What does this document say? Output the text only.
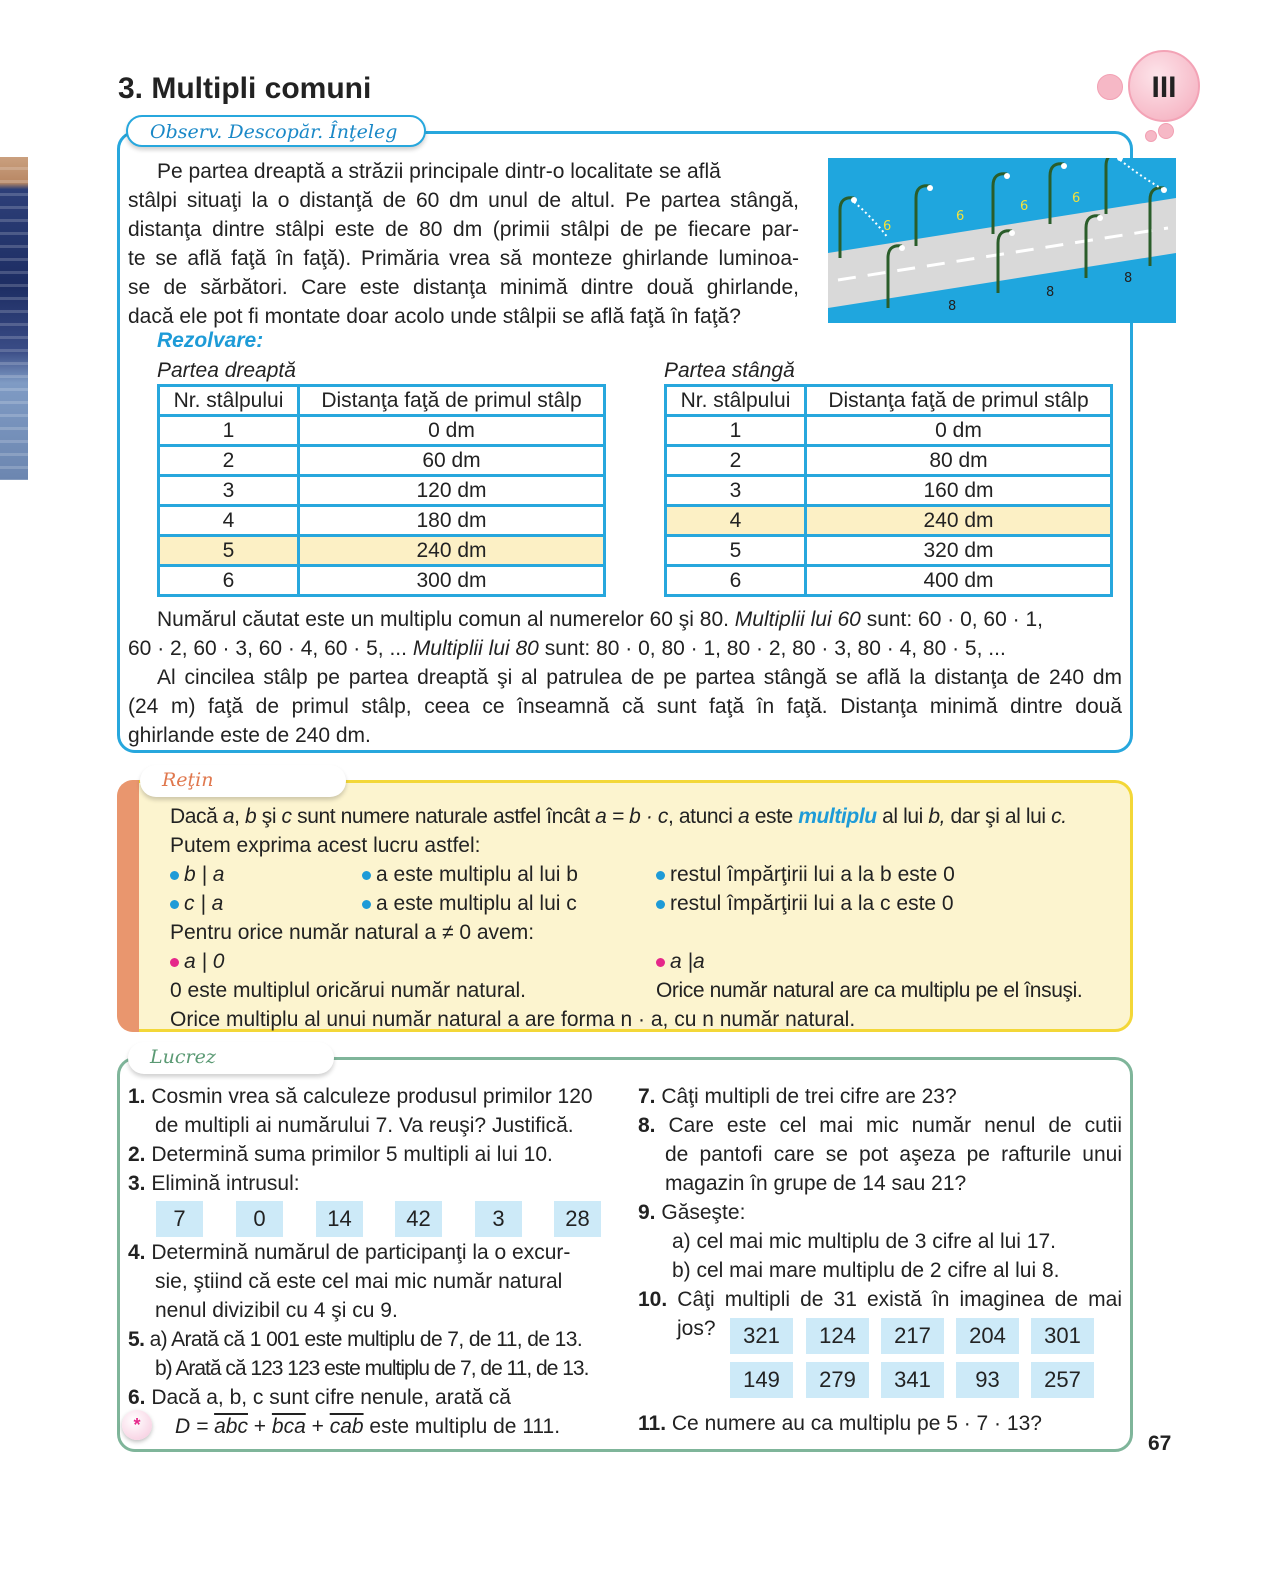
3. Multipli comuni	III
Observ. Descopăr. Înţeleg
Pe partea dreaptă a străzii principale dintr-o localitate se află
stâlpi situaţi la o distanţă de 60 dm unul de altul. Pe partea stângă,
distanţa dintre stâlpi este de 80 dm (primii stâlpi de pe fiecare par-
te se află faţă în faţă). Primăria vrea să monteze ghirlande luminoa-
se de sărbători. Care este distanţa minimă dintre două ghirlande,
dacă ele pot fi montate doar acolo unde stâlpii se află faţă în faţă?
6
6
6
6
8
8
8
Rezolvare:
Partea dreaptă	Partea stângă
Nr. stâlpului	Distanţa faţă de primul stâlp
1	0 dm
2	60 dm
3	120 dm
4	180 dm
5	240 dm
6	300 dm
Nr. stâlpului	Distanţa faţă de primul stâlp
1	0 dm
2	80 dm
3	160 dm
4	240 dm
5	320 dm
6	400 dm
Numărul căutat este un multiplu comun al numerelor 60 şi 80. Multiplii lui 60 sunt: 60 · 0, 60 · 1,
60 · 2, 60 · 3, 60 · 4, 60 · 5, ... Multiplii lui 80 sunt: 80 · 0, 80 · 1, 80 · 2, 80 · 3, 80 · 4, 80 · 5, ...
Al cincilea stâlp pe partea dreaptă şi al patrulea de pe partea stângă se află la distanţa de 240 dm
(24 m) faţă de primul stâlp, ceea ce înseamnă că sunt faţă în faţă. Distanţa minimă dintre două
ghirlande este de 240 dm.
Reţin
Dacă a, b şi c sunt numere naturale astfel încât a = b · c, atunci a este multiplu al lui b, dar şi al lui c.
Putem exprima acest lucru astfel:
b | a	a este multiplu al lui b	restul împărţirii lui a la b este 0
c | a	a este multiplu al lui c	restul împărţirii lui a la c este 0
Pentru orice număr natural a ≠ 0 avem:
a | 0	a |a
0 este multiplul oricărui număr natural.	Orice număr natural are ca multiplu pe el însuşi.
Orice multiplu al unui număr natural a are forma n · a, cu n număr natural.
Lucrez
1. Cosmin vrea să calculeze produsul primilor 120
de multipli ai numărului 7. Va reuşi? Justifică.
2. Determină suma primilor 5 multipli ai lui 10.
3. Elimină intrusul:
7	0	14	42	3	28
4. Determină numărul de participanţi la o excur-
sie, ştiind că este cel mai mic număr natural
nenul divizibil cu 4 şi cu 9.
5. a) Arată că 1 001 este multiplu de 7, de 11, de 13.
b) Arată că 123 123 este multiplu de 7, de 11, de 13.
6. Dacă a, b, c sunt cifre nenule, arată că
*	$D = \overline{abc} + \overline{bca} + \overline{cab}$ este multiplu de 111.
7. Câţi multipli de trei cifre are 23?
8. Care este cel mai mic număr nenul de cutii
de pantofi care se pot aşeza pe rafturile unui
magazin în grupe de 14 sau 21?
9. Găseşte:
a) cel mai mic multiplu de 3 cifre al lui 17.
b) cel mai mare multiplu de 2 cifre al lui 8.
10. Câţi multipli de 31 există în imaginea de mai
jos?	321	124	217	204	301
149	279	341	93	257
11. Ce numere au ca multiplu pe 5 · 7 · 13?
67
